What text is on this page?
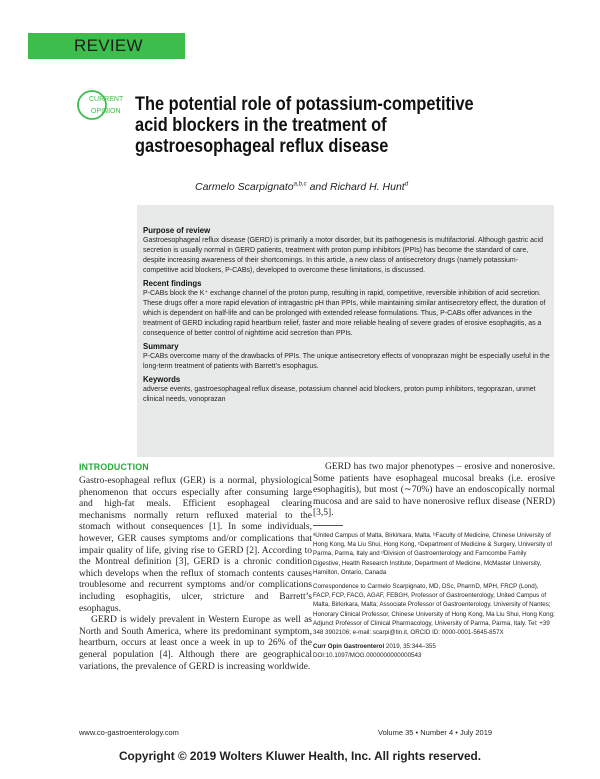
REVIEW
CURRENT
OPINION The potential role of potassium-competitive acid blockers in the treatment of gastroesophageal reflux disease
Carmelo Scarpignato$^{a,b,c}$ and Richard H. Hunt$^d$
Purpose of review

Gastroesophageal reflux disease (GERD) is primarily a motor disorder, but its pathogenesis is multifactorial. Although gastric acid secretion is usually normal in GERD patients, treatment with proton pump inhibitors (PPIs) has become the standard of care, despite increasing awareness of their shortcomings. In this article, a new class of antisecretory drugs (namely potassium-competitive acid blockers, P-CABs), developed to overcome these limitations, is discussed.

Recent findings

P-CABs block the K⁺ exchange channel of the proton pump, resulting in rapid, competitive, reversible inhibition of acid secretion. These drugs offer a more rapid elevation of intragastric pH than PPIs, while maintaining similar antisecretory effect, the duration of which is dependent on half-life and can be prolonged with extended release formulations. Thus, P-CABs offer advances in the treatment of GERD including rapid heartburn relief, faster and more reliable healing of severe grades of erosive esophagitis, as a consequence of better control of nighttime acid secretion than PPIs.

Summary

P-CABs overcome many of the drawbacks of PPIs. The unique antisecretory effects of vonoprazan might be especially useful in the long-term treatment of patients with Barrett’s esophagus.

Keywords

adverse events, gastroesophageal reflux disease, potassium channel acid blockers, proton pump inhibitors, tegoprazan, unmet clinical needs, vonoprazan

INTRODUCTION

Gastro-esophageal reflux (GER) is a normal, physiological phenomenon that occurs especially after consuming large and high-fat meals. Efficient esophageal clearing mechanisms normally return refluxed material to the stomach without consequences [1]. In some individuals, however, GER causes symptoms and/or complications that impair quality of life, giving rise to GERD [2]. According to the Montreal definition [3], GERD is a chronic condition which develops when the reflux of stomach contents causes troublesome and recurrent symptoms and/or complications including esophagitis, ulcer, stricture and Barrett’s esophagus.

GERD is widely prevalent in Western Europe as well as North and South America, where its predominant symptom, heartburn, occurs at least once a week in up to 26% of the general population [4]. Although there are geographical variations, the prevalence of GERD is increasing worldwide.

GERD has two major phenotypes – erosive and nonerosive. Some patients have esophageal mucosal breaks (i.e. erosive esophagitis), but most (∼70%) have an endoscopically normal mucosa and are said to have nonerosive reflux disease (NERD) [3,5].

ᵃUnited Campus of Malta, Birkirkara, Malta, ᵇFaculty of Medicine, Chinese University of Hong Kong, Ma Liu Shui, Hong Kong, ᶜDepartment of Medicine & Surgery, University of Parma, Parma, Italy and ᵈDivision of Gastroenterology and Farncombe Family Digestive, Health Research Institute, Department of Medicine, McMaster University, Hamilton, Ontario, Canada

Correspondence to Carmelo Scarpignato, MD, DSc, PharmD, MPH, FRCP (Lond), FACP, FCP, FACG, AGAF, FEBGH, Professor of Gastroenterology, United Campus of Malta, Birkirkara, Malta; Associate Professor of Gastroenterology, University of Nantes; Honorary Clinical Professor, Chinese University of Hong Kong, Ma Liu Shui, Hong Kong; Adjunct Professor of Clinical Pharmacology, University of Parma, Parma, Italy. Tel: +39 348 3902106; e-mail: scarpi@tin.it, ORCID ID: 0000-0001-5645-857X

Curr Opin Gastroenterol 2019, 35:344–355
DOI:10.1097/MOG.0000000000000543
www.co-gastroenterology.com	Volume 35 • Number 4 • July 2019
Copyright © 2019 Wolters Kluwer Health, Inc. All rights reserved.
